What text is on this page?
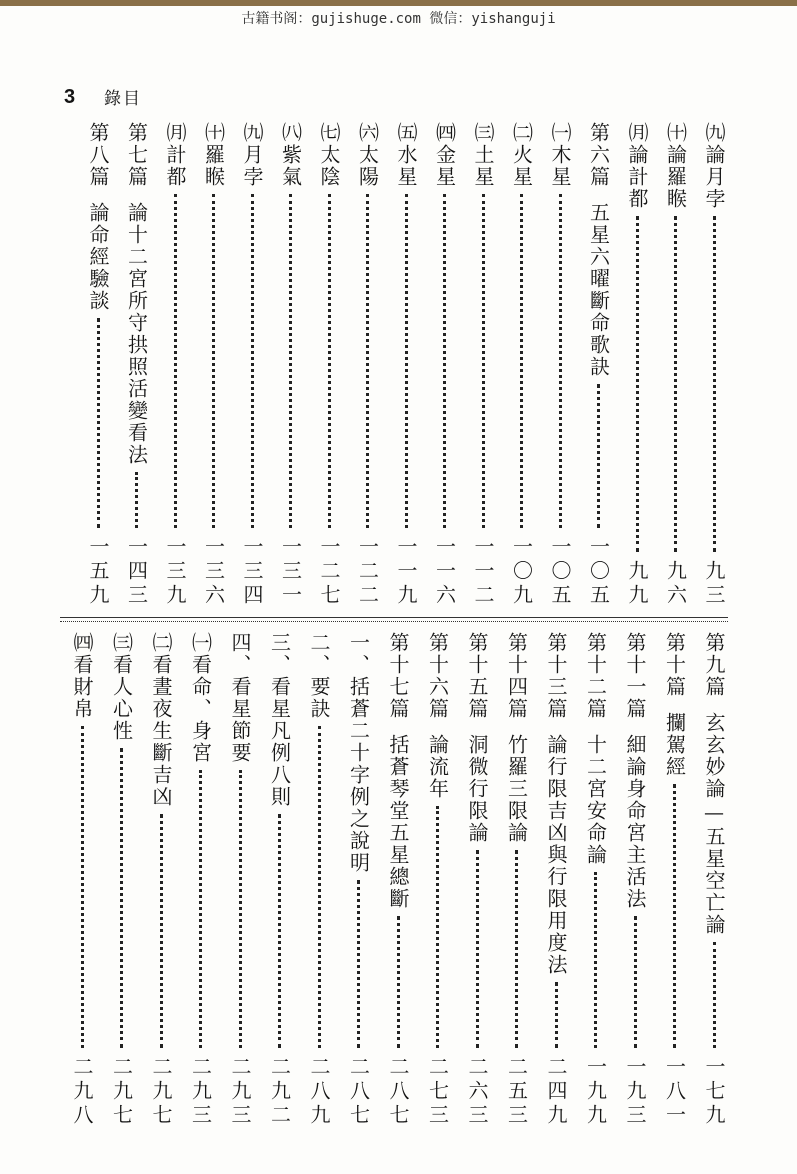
古籍书阁：gujishuge.com 微信：yishanguji
3 錄目
㈨論月孛
九三
㈩論羅睺
九六
㈪論計都
九九
第六篇
五星六曜斷命歌訣
一〇五
㈠木星
一〇五
㈡火星
一〇九
㈢土星
一一二
㈣金星
一一六
㈤水星
一一九
㈥太陽
一二二
㈦太陰
一二七
㈧紫氣
一三一
㈨月孛
一三四
㈩羅睺
一三六
㈪計都
一三九
第七篇
論十二宮所守拱照活變看法
一四三
第八篇
論命經驗談
一五九
第九篇
玄玄妙論—五星空亡論
一七九
第十篇
攔駕經
一八一
第十一篇
細論身命宮主活法
一九三
第十二篇
十二宮安命論
一九九
第十三篇
論行限吉凶與行限用度法
二四九
第十四篇
竹羅三限論
二五三
第十五篇
洞微行限論
二六三
第十六篇
論流年
二七三
第十七篇
括蒼琴堂五星總斷
二八七
一、括蒼二十字例之說明
二八七
二、要訣
二八九
三、看星凡例八則
二九二
四、看星節要
二九三
㈠看命、身宮
二九三
㈡看晝夜生斷吉凶
二九七
㈢看人心性
二九七
㈣看財帛
二九八
